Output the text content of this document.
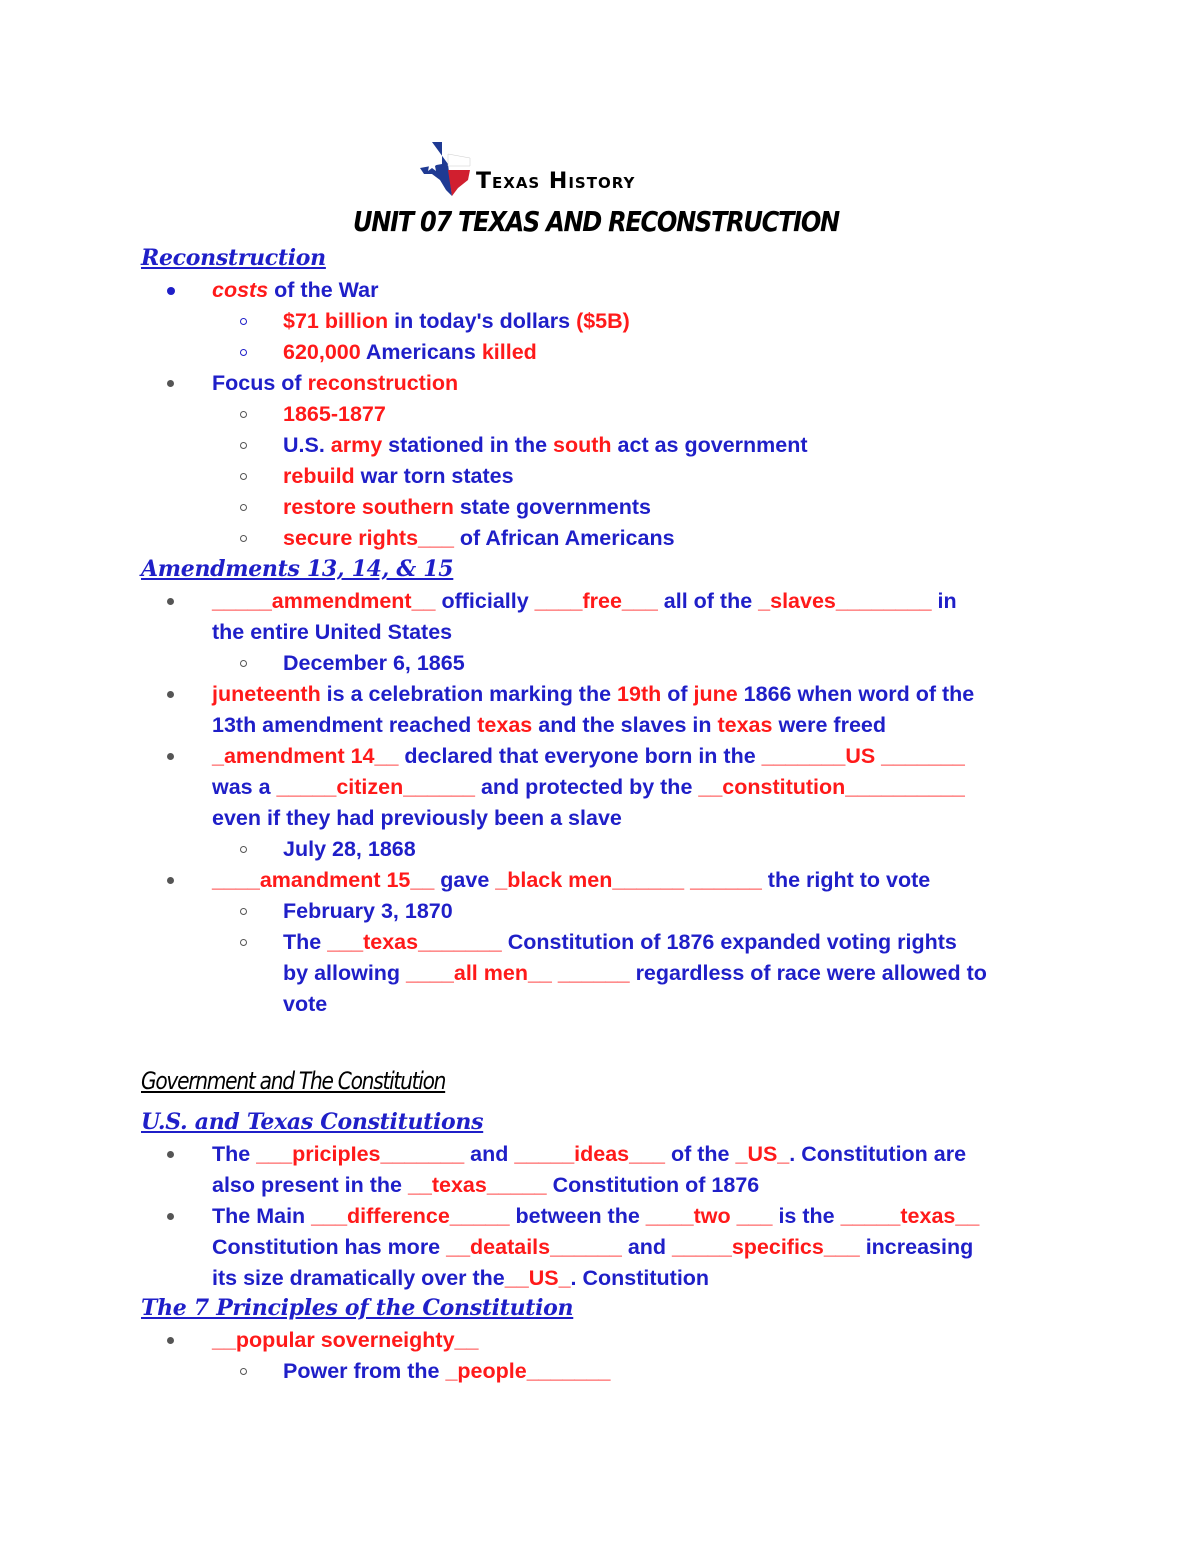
Texas History
UNIT 07 TEXAS AND RECONSTRUCTION
Reconstruction
costs of the War
$71 billion in today's dollars ($5B)
620,000 Americans killed
Focus of reconstruction
1865-1877
U.S. army stationed in the south act as government
rebuild war torn states
restore southern state governments
secure rights___ of African Americans
Amendments 13, 14, & 15
_____ammendment__ officially ____free___ all of the _slaves________ in
the entire United States
December 6, 1865
juneteenth is a celebration marking the 19th of june 1866 when word of the
13th amendment reached texas and the slaves in texas were freed
_amendment 14__ declared that everyone born in the _______US _______
was a _____citizen______ and protected by the __constitution__________
even if they had previously been a slave
July 28, 1868
____amandment 15__ gave _black men______ ______ the right to vote
February 3, 1870
The ___texas_______ Constitution of 1876 expanded voting rights
by allowing ____all men__ ______ regardless of race were allowed to
vote
Government and The Constitution
U.S. and Texas Constitutions
The ___pricipIes_______ and _____ideas___ of the _US_. Constitution are
also present in the __texas_____ Constitution of 1876
The Main ___difference_____ between the ____two ___ is the _____texas__
Constitution has more __deatails______ and _____specifics___ increasing
its size dramatically over the__US_. Constitution
The 7 Principles of the Constitution
__popular soverneighty__
Power from the _people_______
